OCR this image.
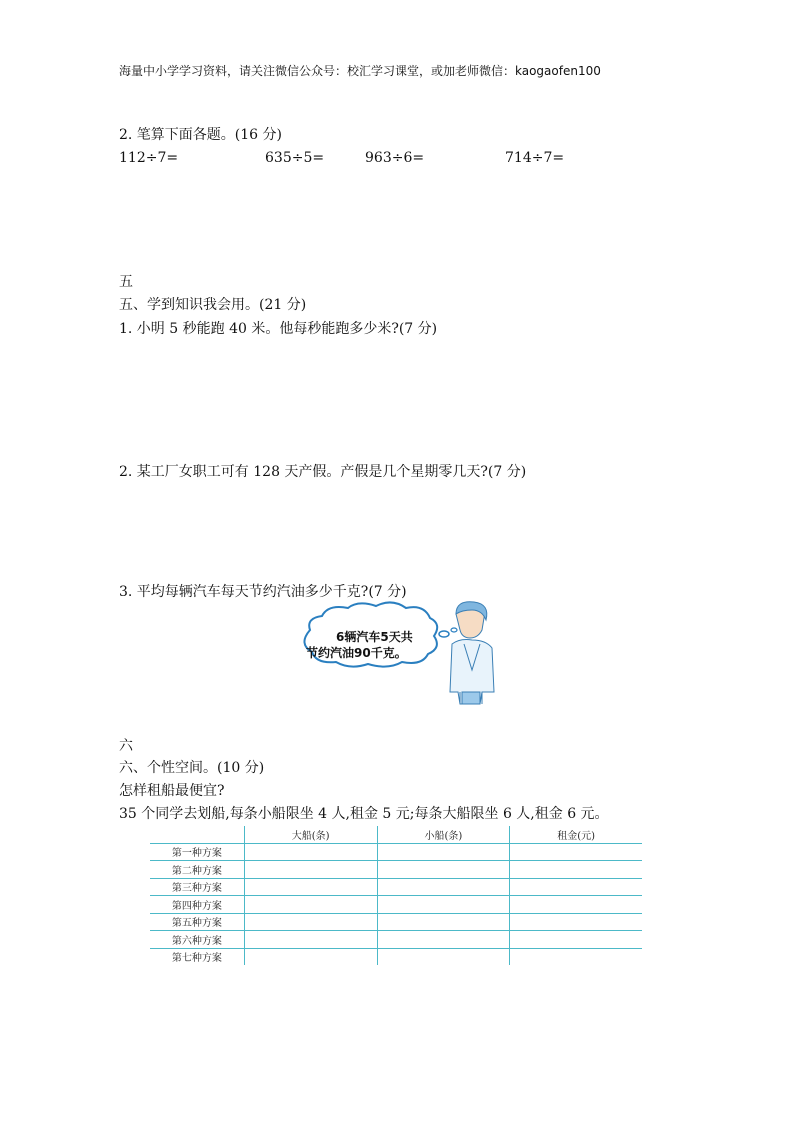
海量中小学学习资料，请关注微信公众号：校汇学习课堂，或加老师微信：kaogaofen100
2. 笔算下面各题。(16 分)
112÷7=	635÷5=	963÷6=	714÷7=
五
五、学到知识我会用。(21 分)
1. 小明 5 秒能跑 40 米。他每秒能跑多少米?(7 分)
2. 某工厂女职工可有 128 天产假。产假是几个星期零几天?(7 分)
3. 平均每辆汽车每天节约汽油多少千克?(7 分)
6辆汽车5天共
节约汽油90千克。
六
六、个性空间。(10 分)
怎样租船最便宜?
35 个同学去划船,每条小船限坐 4 人,租金 5 元;每条大船限坐 6 人,租金 6 元。
	大船(条)	小船(条)	租金(元)
第一种方案			
第二种方案			
第三种方案			
第四种方案			
第五种方案			
第六种方案			
第七种方案			
